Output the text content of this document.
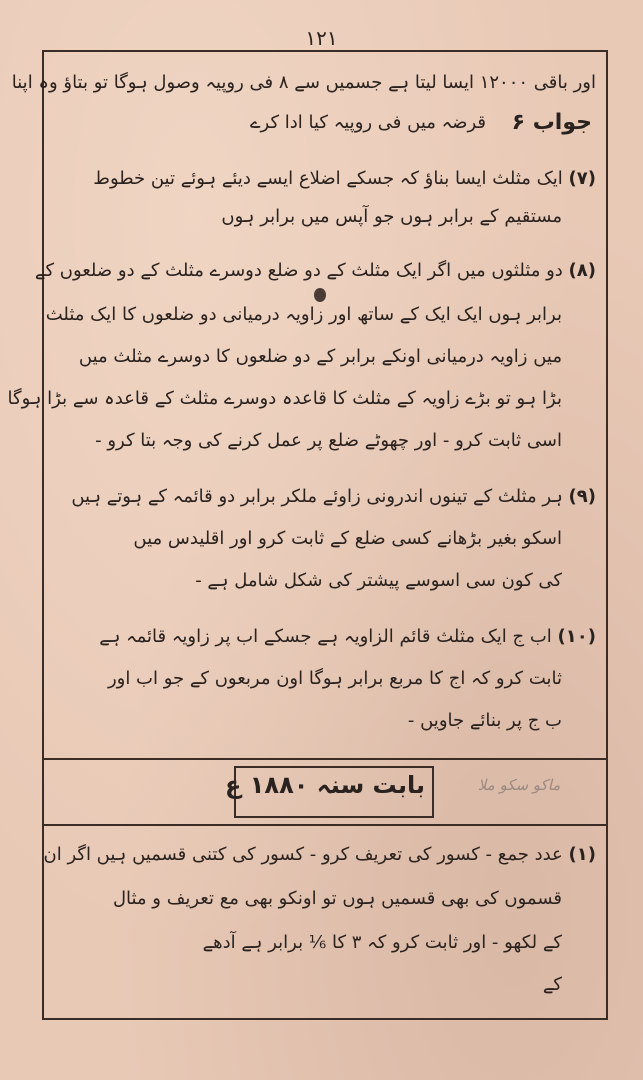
١٢١
اور باقی ۱۲۰۰۰ ایسا لیتا ہے جسمیں سے ۸ فی روپیہ وصول ہوگا تو بتاؤ وہ اپنا
قرضہ میں فی روپیہ کیا ادا کرے	جواب ۶
(۷) ایک مثلث ایسا بناؤ کہ جسکے اضلاع ایسے دیئے ہوئے تین خطوط
مستقیم کے برابر ہوں جو آپس میں برابر ہوں
(۸) دو مثلثوں میں اگر ایک مثلث کے دو ضلع دوسرے مثلث کے دو ضلعوں کے
برابر ہوں ایک ایک کے ساتھ اور زاویہ درمیانی دو ضلعوں کا ایک مثلث
میں زاویہ درمیانی اونکے برابر کے دو ضلعوں کا دوسرے مثلث میں
بڑا ہو تو بڑے زاویہ کے مثلث کا قاعدہ دوسرے مثلث کے قاعدہ سے بڑا ہوگا
اسی ثابت کرو - اور چھوٹے ضلع پر عمل کرنے کی وجہ بتا کرو -
(۹) ہر مثلث کے تینوں اندرونی زاوئے ملکر برابر دو قائمہ کے ہوتے ہیں
اسکو بغیر بڑھانے کسی ضلع کے ثابت کرو اور اقلیدس میں
کی کون سی اسوسے پیشتر کی شکل شامل ہے -
(۱۰) اب ج ایک مثلث قائم الزاویہ ہے جسکے اب پر زاویہ قائمہ ہے
ثابت کرو کہ اج کا مربع برابر ہوگا اون مربعوں کے جو اب اور
ب ج پر بنائے جاویں -
بابت سنہ ۱۸۸۰ ع	ماکو سکو ملا
(۱) عدد جمع - کسور کی تعریف کرو - کسور کی کتنی قسمیں ہیں اگر ان
قسموں کی بھی قسمیں ہوں تو اونکو بھی مع تعریف و مثال
کے لکھو - اور ثابت کرو کہ ۳ کا ⅙ برابر ہے آدھے
کے
